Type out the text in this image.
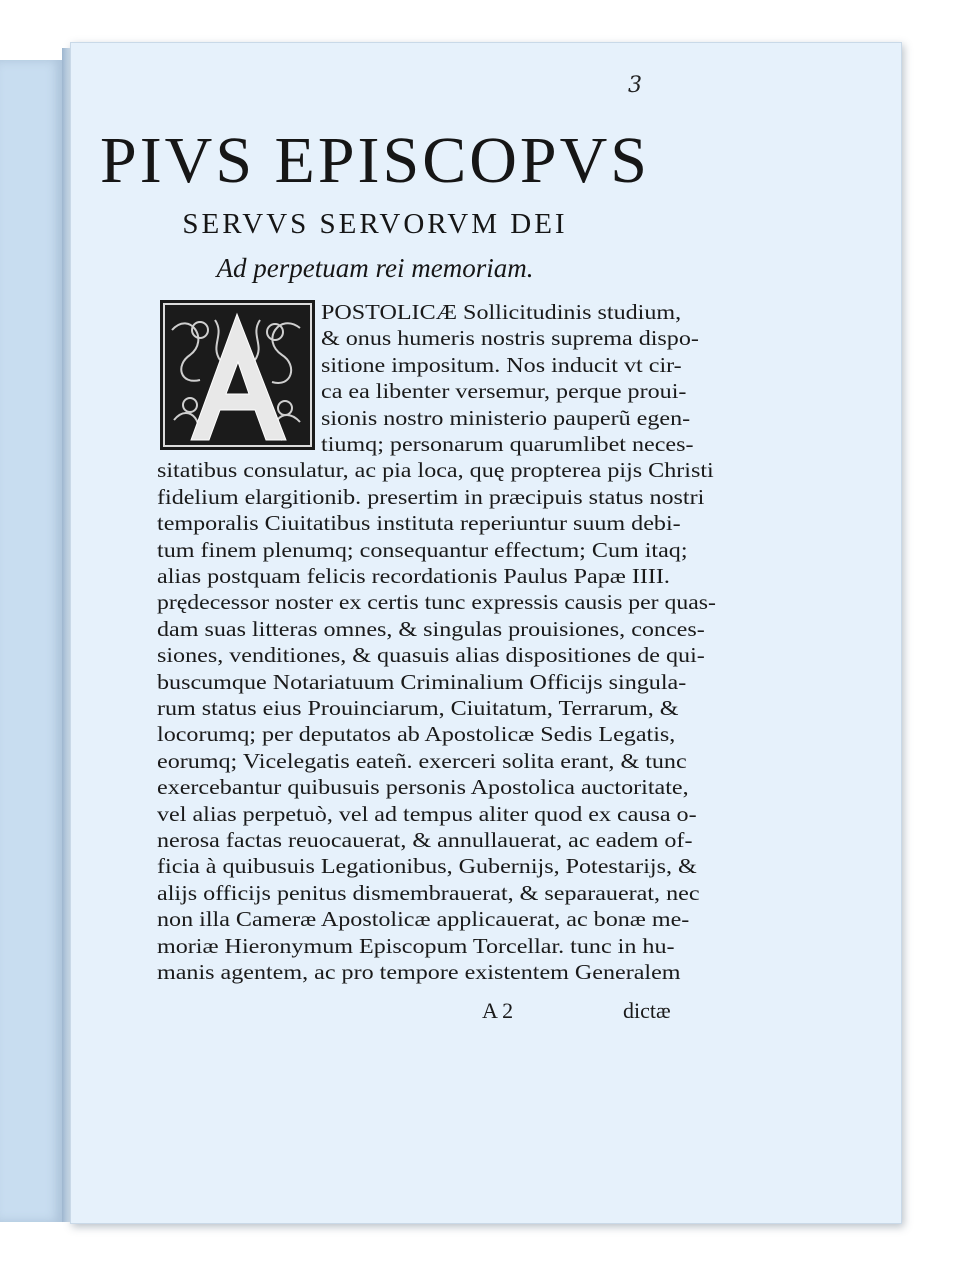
3
PIVS EPISCOPVS
SERVVS SERVORVM DEI
Ad perpetuam rei memoriam.
POSTOLICÆ Sollicitudinis studium,
& onus humeris nostris suprema dispo-
sitione impositum. Nos inducit vt cir-
ca ea libenter versemur, perque proui-
sionis nostro ministerio pauperũ egen-
tiumq; personarum quarumlibet neces-
sitatibus consulatur, ac pia loca, quę propterea pijs Christi
fidelium elargitionib. presertim in præcipuis status nostri
temporalis Ciuitatibus instituta reperiuntur suum debi-
tum finem plenumq; consequantur effectum; Cum itaq;
alias postquam felicis recordationis Paulus Papæ IIII.
prędecessor noster ex certis tunc expressis causis per quas-
dam suas litteras omnes, & singulas prouisiones, conces-
siones, venditiones, & quasuis alias dispositiones de qui-
buscumque Notariatuum Criminalium Officijs singula-
rum status eius Prouinciarum, Ciuitatum, Terrarum, &
locorumq; per deputatos ab Apostolicæ Sedis Legatis,
eorumq; Vicelegatis eateñ. exerceri solita erant, & tunc
exercebantur quibusuis personis Apostolica auctoritate,
vel alias perpetuò, vel ad tempus aliter quod ex causa o-
nerosa factas reuocauerat, & annullauerat, ac eadem of-
ficia à quibusuis Legationibus, Gubernijs, Potestarijs, &
alijs officijs penitus dismembrauerat, & separauerat, nec
non illa Cameræ Apostolicæ applicauerat, ac bonæ me-
moriæ Hieronymum Episcopum Torcellar. tunc in hu-
manis agentem, ac pro tempore existentem Generalem
A 2	dictæ
